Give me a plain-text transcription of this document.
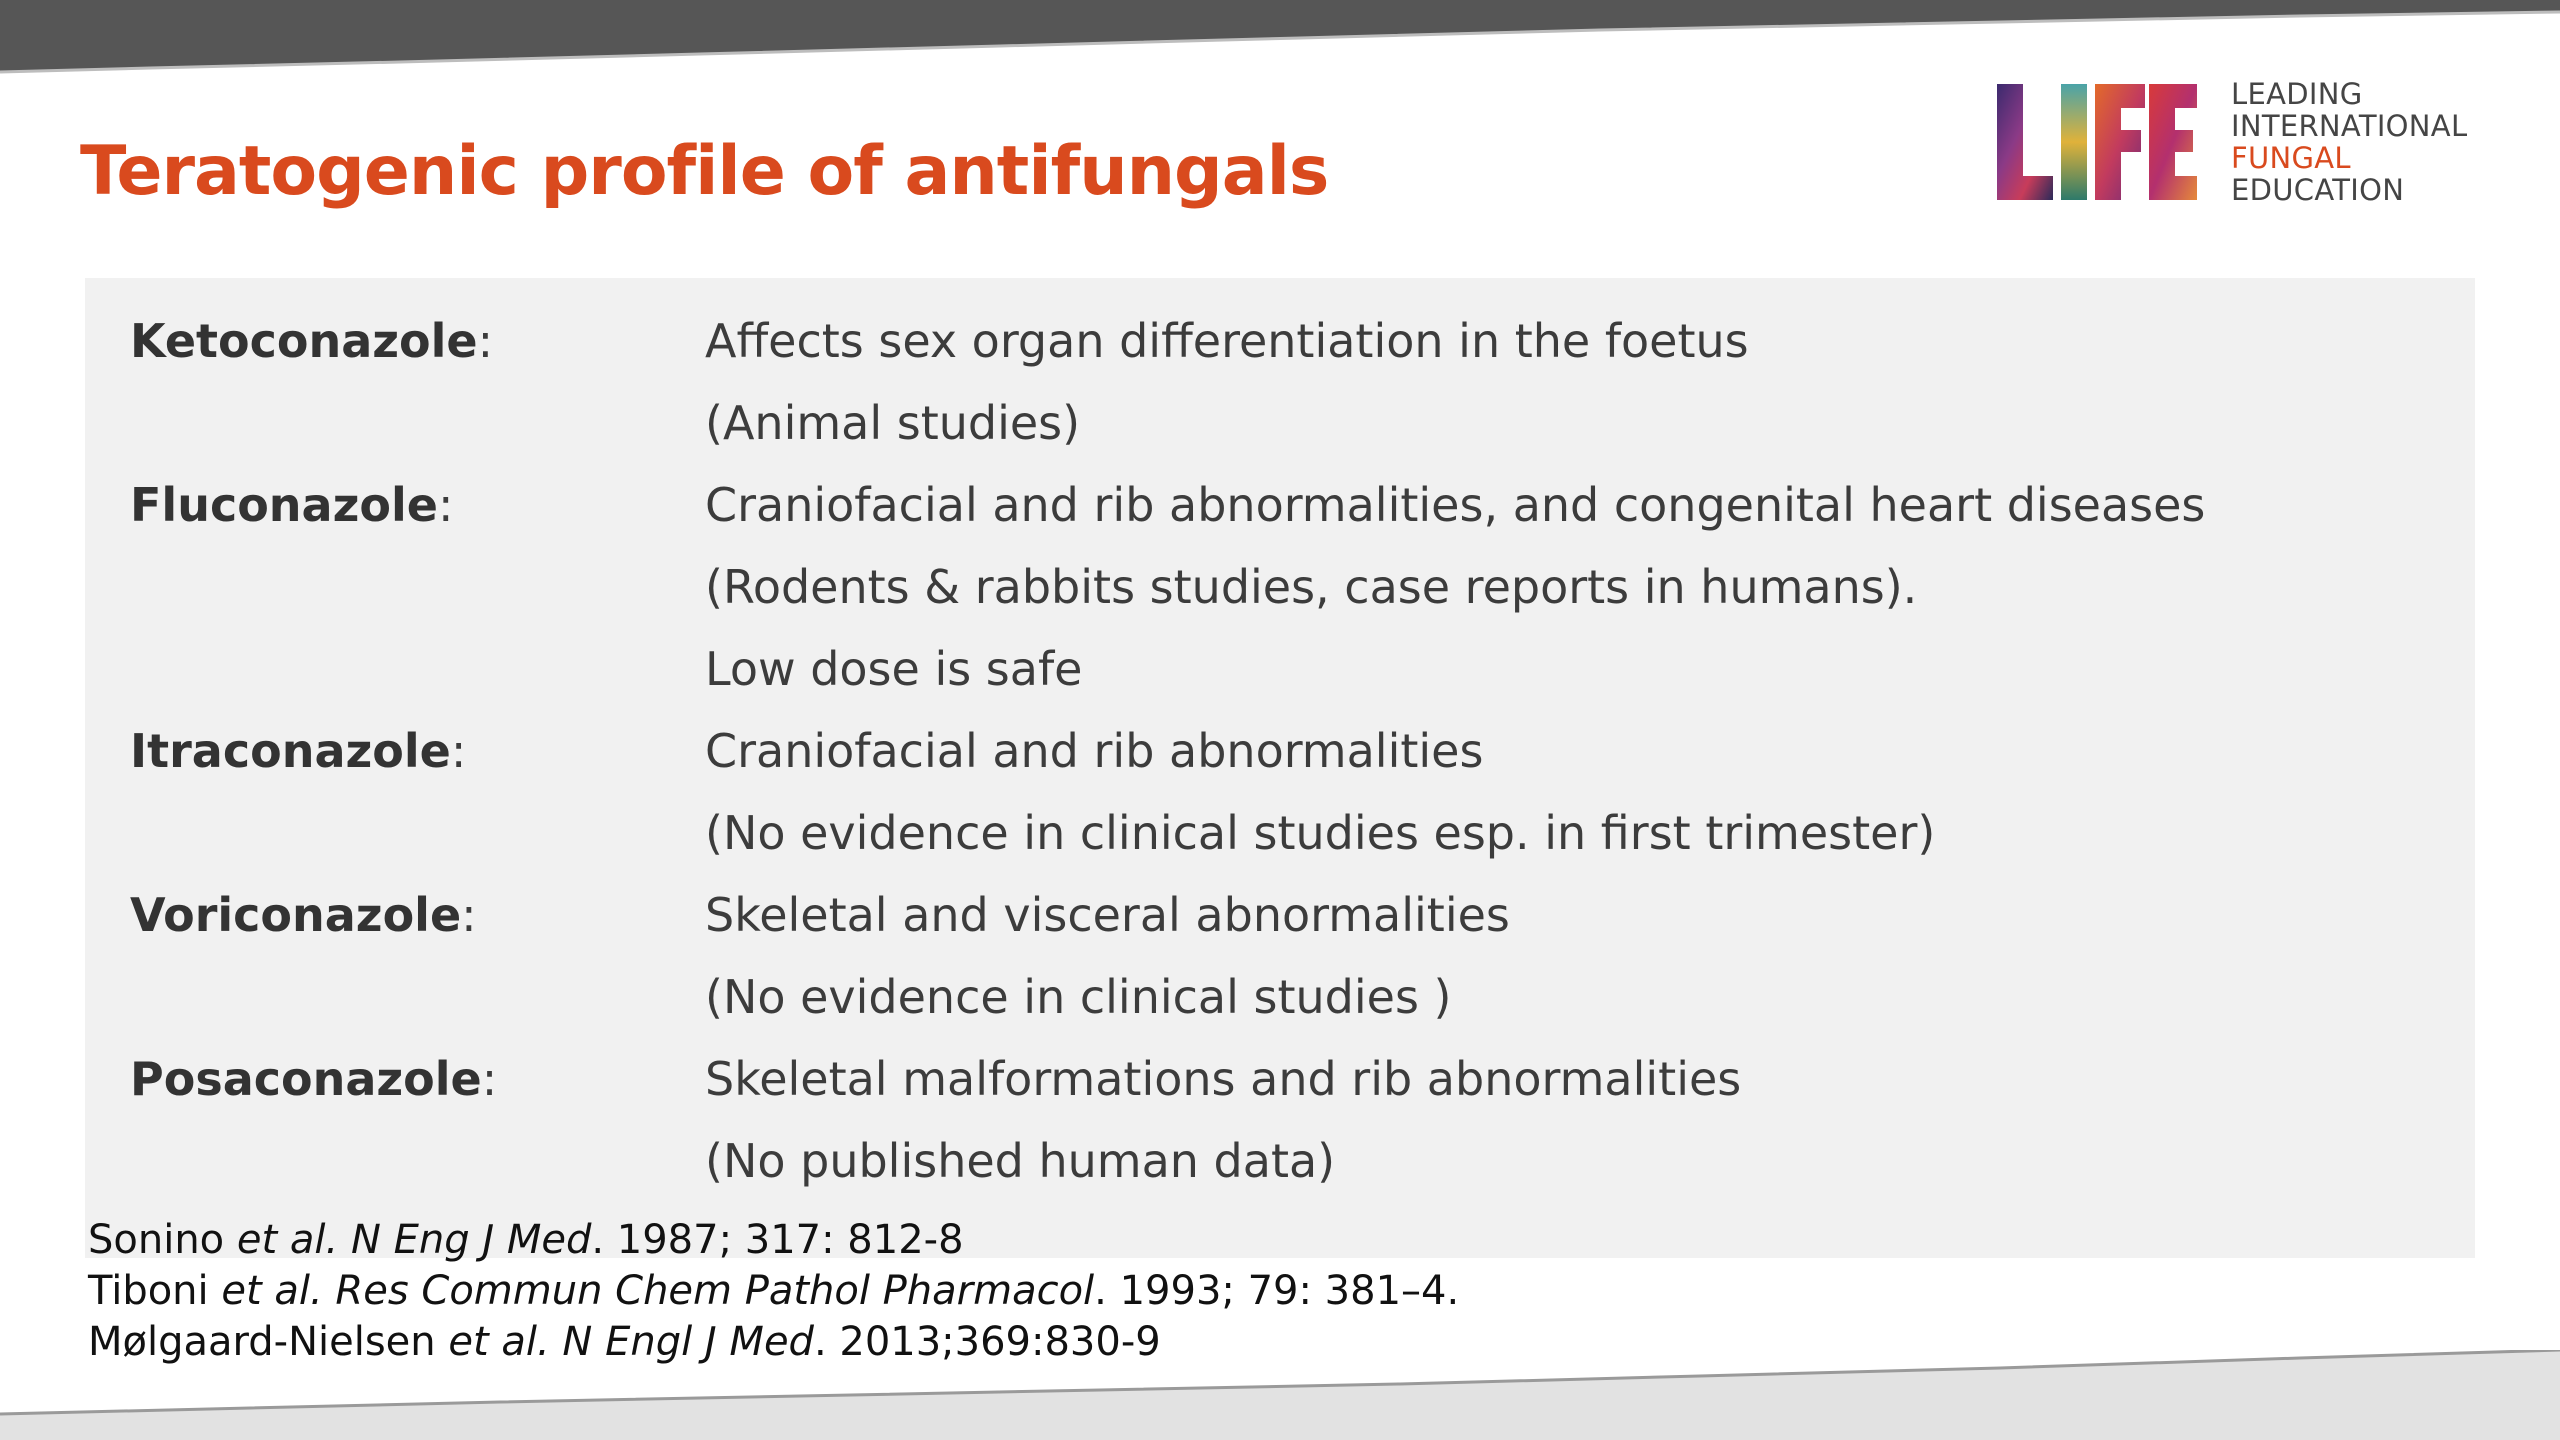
Teratogenic profile of antifungals
LEADING
INTERNATIONAL
FUNGAL
EDUCATION
Ketoconazole:	Affects sex organ differentiation in the foetus
(Animal studies)
Fluconazole:	Craniofacial and rib abnormalities, and congenital heart diseases
(Rodents & rabbits studies, case reports in humans).
Low dose is safe
Itraconazole:	Craniofacial and rib abnormalities
(No evidence in clinical studies esp. in first trimester)
Voriconazole:	Skeletal and visceral abnormalities
(No evidence in clinical studies )
Posaconazole:	Skeletal malformations and rib abnormalities
(No published human data)
Sonino et al. N Eng J Med. 1987; 317: 812-8
Tiboni et al. Res Commun Chem Pathol Pharmacol. 1993; 79: 381–4.
Mølgaard-Nielsen et al. N Engl J Med. 2013;369:830-9
